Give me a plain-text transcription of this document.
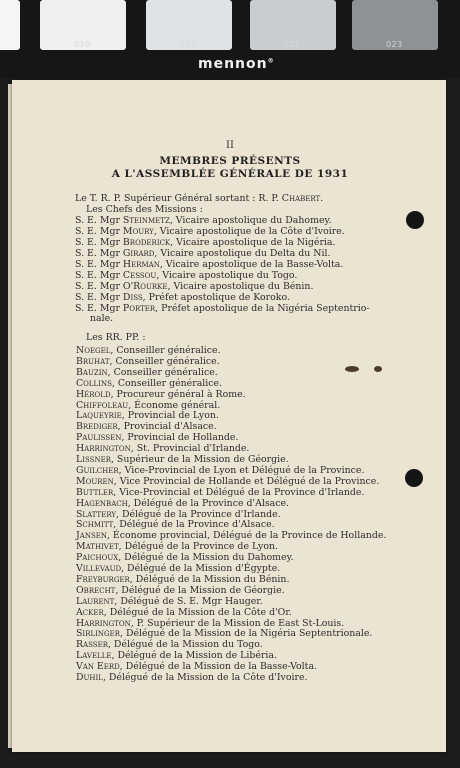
020	021	022	023
mennon®
II
MEMBRES PRÉSENTS
A L'ASSEMBLÉE GÉNÉRALE DE 1931
Le T. R. P. Supérieur Général sortant : R. P. Chabert.
Les Chefs des Missions :
S. E. Mgr Steinmetz, Vicaire apostolique du Dahomey.
S. E. Mgr Moury, Vicaire apostolique de la Côte d'Ivoire.
S. E. Mgr Broderick, Vicaire apostolique de la Nigéria.
S. E. Mgr Girard, Vicaire apostolique du Delta du Nil.
S. E. Mgr Herman, Vicaire apostolique de la Basse-Volta.
S. E. Mgr Cessou, Vicaire apostolique du Togo.
S. E. Mgr O'Rourke, Vicaire apostolique du Bénin.
S. E. Mgr Diss, Préfet apostolique de Koroko.
S. E. Mgr Porter, Préfet apostolique de la Nigéria Septentrio-
nale.
Les RR. PP. :
Noegel, Conseiller généralice.
Bruhat, Conseiller généralice.
Bauzin, Conseiller généralice.
Collins, Conseiller généralice.
Hérold, Procureur général à Rome.
Chiffoleau, Économe général.
Laqueyrie, Provincial de Lyon.
Brediger, Provincial d'Alsace.
Paulissen, Provincial de Hollande.
Harrington, St. Provincial d'Irlande.
Lissner, Supérieur de la Mission de Géorgie.
Guilcher, Vice-Provincial de Lyon et Délégué de la Province.
Mouren, Vice Provincial de Hollande et Délégué de la Province.
Buttler, Vice-Provincial et Délégué de la Province d'Irlande.
Hagenbach, Délégué de la Province d'Alsace.
Slattery, Délégué de la Province d'Irlande.
Schmitt, Délégué de la Province d'Alsace.
Jansen, Économe provincial, Délégué de la Province de Hollande.
Mathivet, Délégué de la Province de Lyon.
Paichoux, Délégué de la Mission du Dahomey.
Villevaud, Délégué de la Mission d'Égypte.
Freyburger, Délégué de la Mission du Bénin.
Obrecht, Délégué de la Mission de Géorgie.
Laurent, Délégué de S. E. Mgr Hauger.
Acker, Délégué de la Mission de la Côte d'Or.
Harrington, P. Supérieur de la Mission de East St-Louis.
Sirlinger, Délégué de la Mission de la Nigéria Septentrionale.
Rasser, Délégué de la Mission du Togo.
Lavelle, Délégué de la Mission de Libéria.
Van Eerd, Délégué de la Mission de la Basse-Volta.
Duhil, Délégué de la Mission de la Côte d'Ivoire.
